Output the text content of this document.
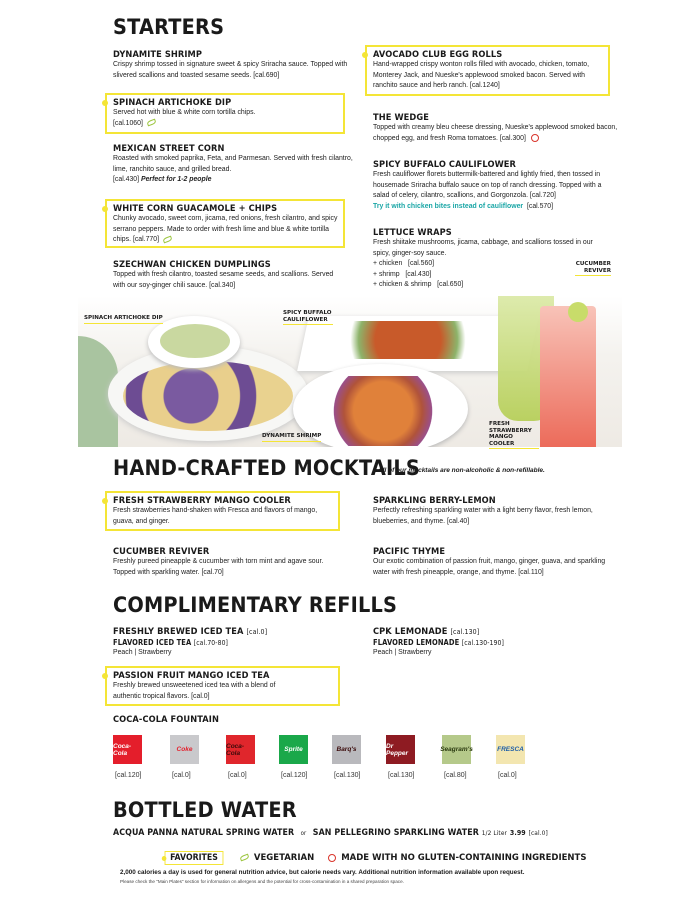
STARTERS
DYNAMITE SHRIMP
Crispy shrimp tossed in signature sweet & spicy Sriracha sauce. Topped with slivered scallions and toasted sesame seeds. [cal.690]
SPINACH ARTICHOKE DIP
Served hot with blue & white corn tortilla chips.
[cal.1060]
MEXICAN STREET CORN
Roasted with smoked paprika, Feta, and Parmesan. Served with fresh cilantro, lime, ranchito sauce, and grilled bread.
[cal.430] Perfect for 1-2 people
WHITE CORN GUACAMOLE + CHIPS
Chunky avocado, sweet corn, jicama, red onions, fresh cilantro, and spicy serrano peppers. Made to order with fresh lime and blue & white tortilla chips. [cal.770]
SZECHWAN CHICKEN DUMPLINGS
Topped with fresh cilantro, toasted sesame seeds, and scallions. Served with our soy-ginger chili sauce. [cal.340]
AVOCADO CLUB EGG ROLLS
Hand-wrapped crispy wonton rolls filled with avocado, chicken, tomato, Monterey Jack, and Nueske's applewood smoked bacon. Served with ranchito sauce and herb ranch. [cal.1240]
THE WEDGE
Topped with creamy bleu cheese dressing, Nueske's applewood smoked bacon, chopped egg, and fresh Roma tomatoes. [cal.300]
SPICY BUFFALO CAULIFLOWER
Fresh cauliflower florets buttermilk-battered and lightly fried, then tossed in housemade Sriracha buffalo sauce on top of ranch dressing. Topped with a salad of celery, cilantro, scallions, and Gorgonzola. [cal.720]
Try it with chicken bites instead of cauliflower [cal.570]
LETTUCE WRAPS
Fresh shiitake mushrooms, jicama, cabbage, and scallions tossed in our spicy, ginger-soy sauce.
+ chicken   [cal.560]
+ shrimp   [cal.430]
+ chicken & shrimp   [cal.650]
SPINACH ARTICHOKE DIP
SPICY BUFFALO CAULIFLOWER
DYNAMITE SHRIMP
FRESH STRAWBERRY MANGO COOLER
CUCUMBER REVIVER
HAND-CRAFTED MOCKTAILS
All of our mocktails are non-alcoholic & non-refillable.
FRESH STRAWBERRY MANGO COOLER
Fresh strawberries hand-shaken with Fresca and flavors of mango, guava, and ginger.
SPARKLING BERRY-LEMON
Perfectly refreshing sparkling water with a light berry flavor, fresh lemon, blueberries, and thyme. [cal.40]
CUCUMBER REVIVER
Freshly pureed pineapple & cucumber with torn mint and agave sour. Topped with sparkling water. [cal.70]
PACIFIC THYME
Our exotic combination of passion fruit, mango, ginger, guava, and sparkling water with fresh pineapple, orange, and thyme. [cal.110]
COMPLIMENTARY REFILLS
FRESHLY BREWED ICED TEA [cal.0]
FLAVORED ICED TEA [cal.70-80]
Peach | Strawberry
CPK LEMONADE [cal.130]
FLAVORED LEMONADE [cal.130-190]
Peach | Strawberry
PASSION FRUIT MANGO ICED TEA
Freshly brewed unsweetened iced tea with a blend of authentic tropical flavors. [cal.0]
COCA-COLA FOUNTAIN
Coca-Cola
[cal.120]
Coke
[cal.0]
Coca-Cola
[cal.0]
Sprite
[cal.120]
Barq's
[cal.130]
Dr Pepper
[cal.130]
Seagram's
[cal.80]
FRESCA
[cal.0]
BOTTLED WATER
ACQUA PANNA NATURAL SPRING WATER or SAN PELLEGRINO SPARKLING WATER 1/2 Liter 3.99 [cal.0]
FAVORITES	VEGETARIAN	MADE WITH NO GLUTEN-CONTAINING INGREDIENTS
2,000 calories a day is used for general nutrition advice, but calorie needs vary. Additional nutrition information available upon request.
Please check the "Main Plates" section for information on allergens and the potential for cross-contamination in a shared preparation space.
